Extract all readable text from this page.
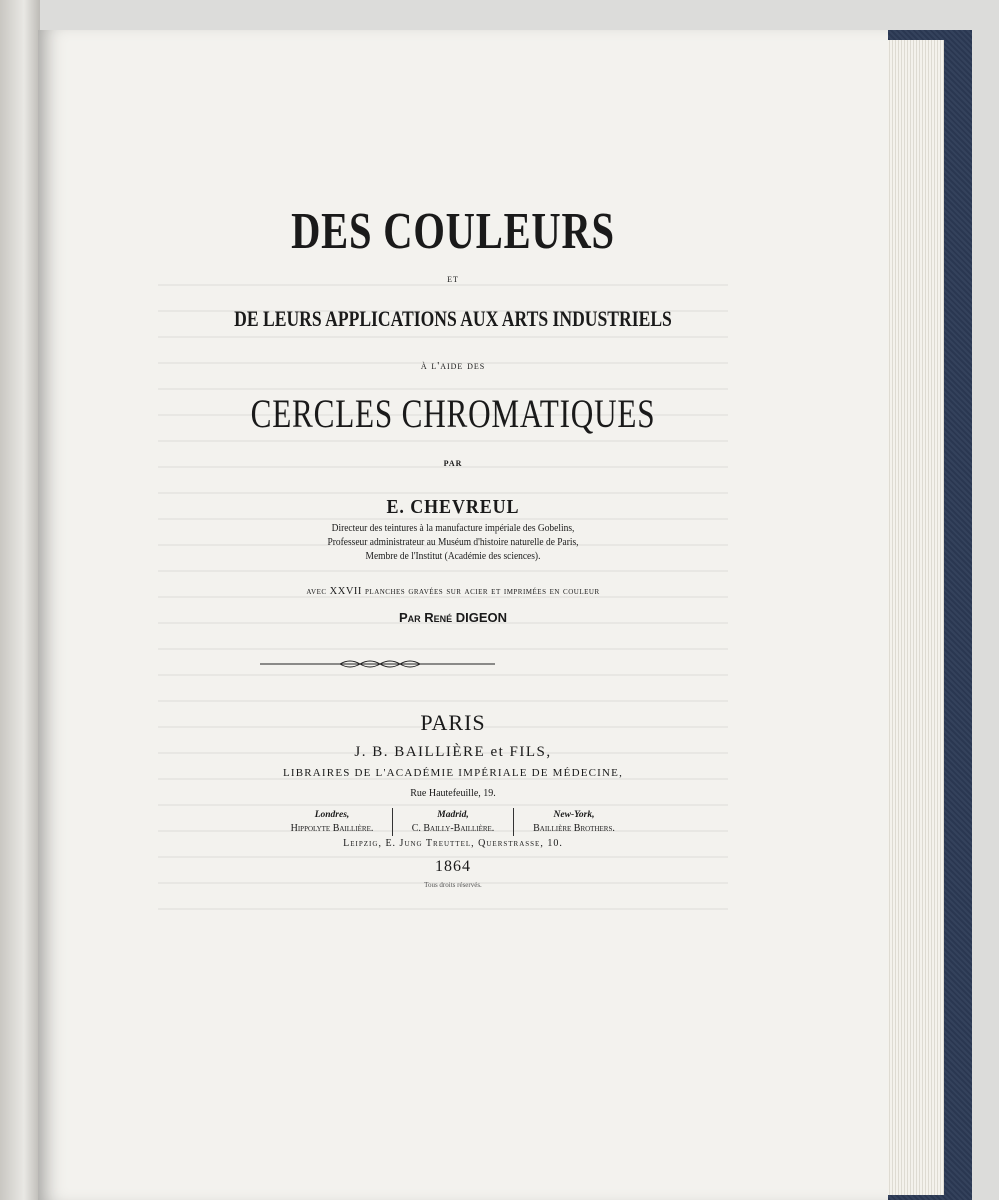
DES COULEURS
et
DE LEURS APPLICATIONS AUX ARTS INDUSTRIELS
à l'aide des
CERCLES CHROMATIQUES
par
E. CHEVREUL
Directeur des teintures à la manufacture impériale des Gobelins,
Professeur administrateur au Muséum d'histoire naturelle de Paris,
Membre de l'Institut (Académie des sciences).
avec XXVII planches gravées sur acier et imprimées en couleur
Par René DIGEON
PARIS
J. B. BAILLIÈRE et FILS,
LIBRAIRES DE L'ACADÉMIE IMPÉRIALE DE MÉDECINE,
Rue Hautefeuille, 19.
Londres,
Hippolyte Baillière.
Madrid,
C. Bailly-Baillière.
New-York,
Baillière Brothers.
Leipzig, E. Jung Treuttel, Querstrasse, 10.
1864
Tous droits réservés.
